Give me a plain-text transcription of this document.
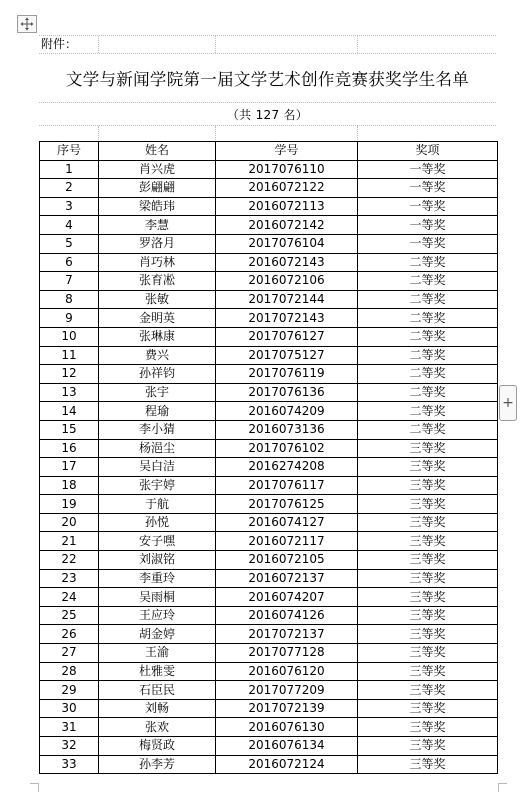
+
附件：
文学与新闻学院第一届文学艺术创作竞赛获奖学生名单
（共 127 名）
序号	姓名	学号	奖项
1	肖兴虎	2017076110	一等奖
2	彭翩翩	2016072122	一等奖
3	梁皓玮	2016072113	一等奖
4	李慧	2016072142	一等奖
5	罗洛月	2017076104	一等奖
6	肖巧林	2016072143	二等奖
7	张育凇	2016072106	二等奖
8	张敏	2017072144	二等奖
9	金明英	2017072143	二等奖
10	张琳康	2017076127	二等奖
11	费兴	2017075127	二等奖
12	孙祥钧	2017076119	二等奖
13	张宇	2017076136	二等奖
14	程瑜	2016074209	二等奖
15	李小猜	2016073136	二等奖
16	杨浥尘	2017076102	三等奖
17	吴白洁	2016274208	三等奖
18	张宇婷	2017076117	三等奖
19	于航	2017076125	三等奖
20	孙悦	2016074127	三等奖
21	安子嘿	2016072117	三等奖
22	刘淑铭	2016072105	三等奖
23	李重玲	2016072137	三等奖
24	吴雨桐	2016074207	三等奖
25	王应玲	2016074126	三等奖
26	胡金婷	2017072137	三等奖
27	王渝	2017077128	三等奖
28	杜雅雯	2016076120	三等奖
29	石臣民	2017077209	三等奖
30	刘畅	2017072139	三等奖
31	张欢	2016076130	三等奖
32	梅贤政	2016076134	三等奖
33	孙李芳	2016072124	三等奖
